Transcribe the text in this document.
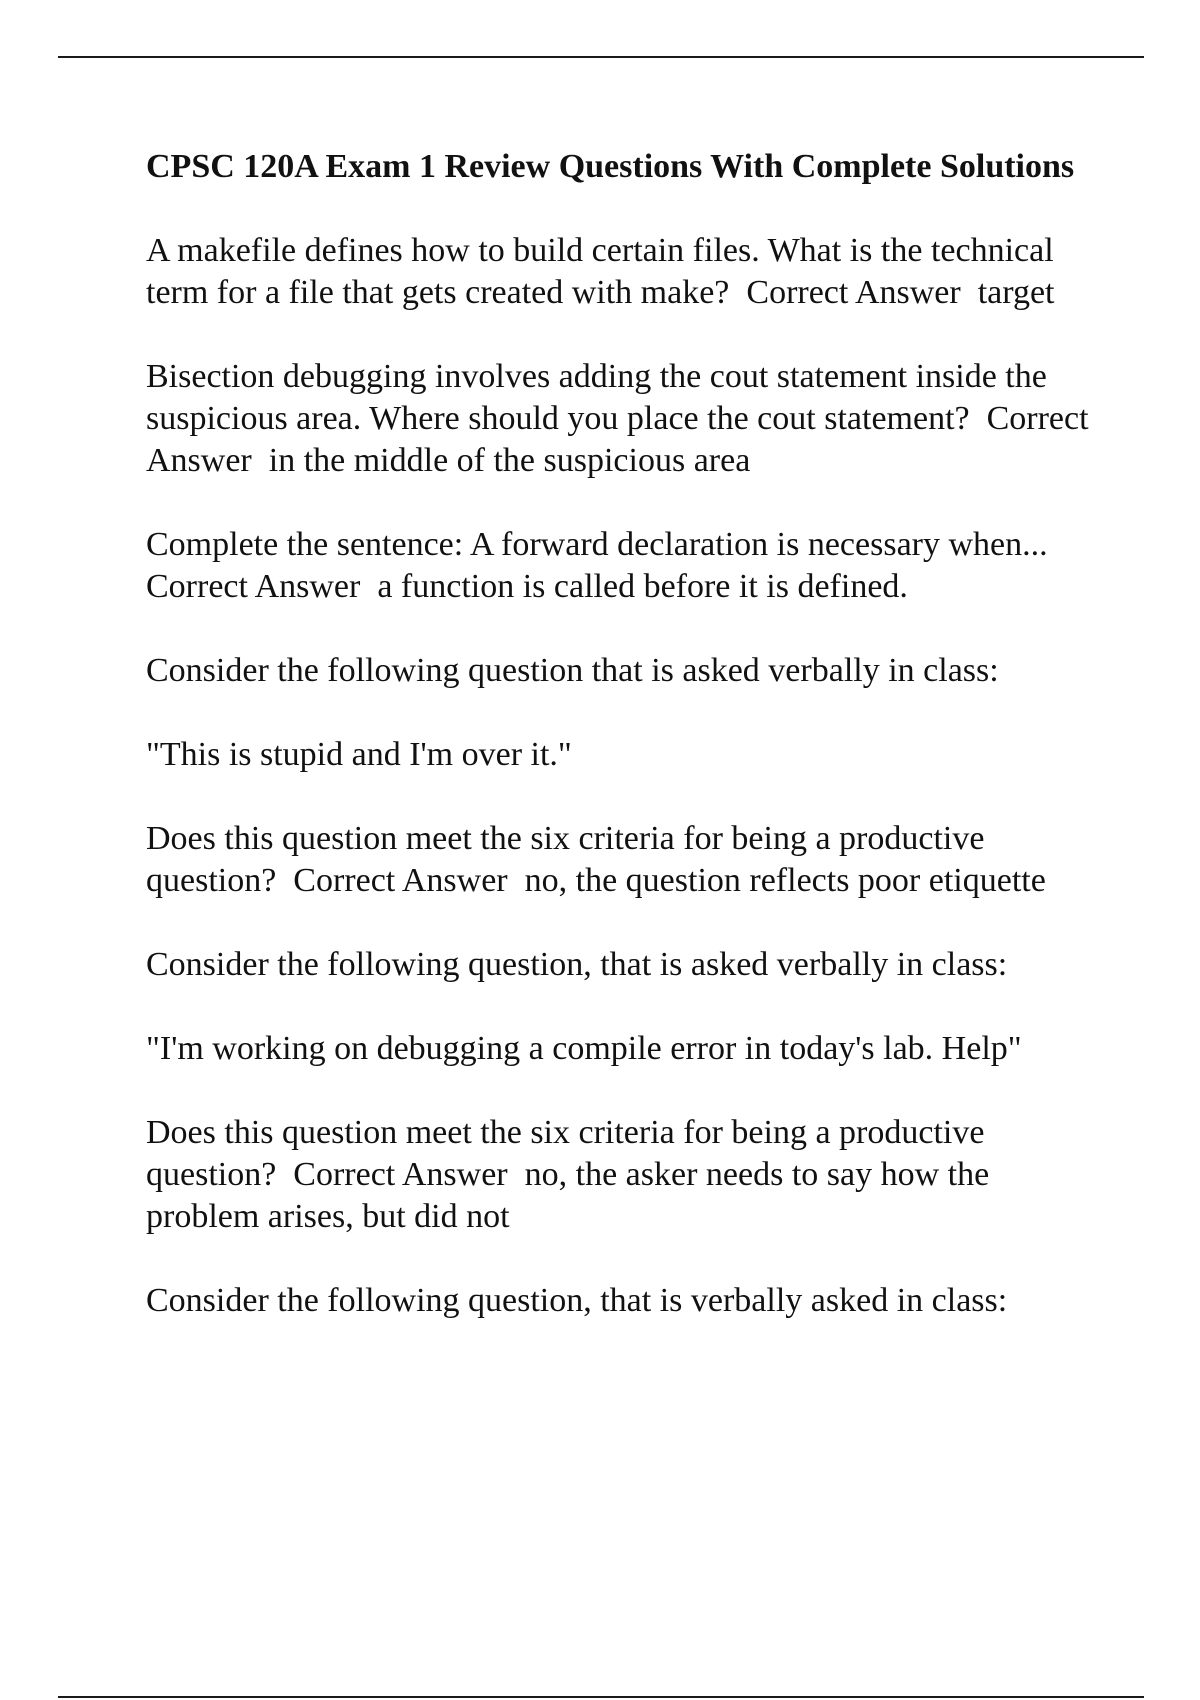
CPSC 120A Exam 1 Review Questions With Complete Solutions
A makefile defines how to build certain files. What is the technical term for a file that gets created with make?  Correct Answer  target
Bisection debugging involves adding the cout statement inside the suspicious area. Where should you place the cout statement?  Correct Answer  in the middle of the suspicious area
Complete the sentence: A forward declaration is necessary when...  Correct Answer  a function is called before it is defined.
Consider the following question that is asked verbally in class:
"This is stupid and I'm over it."
Does this question meet the six criteria for being a productive question?  Correct Answer  no, the question reflects poor etiquette
Consider the following question, that is asked verbally in class:
"I'm working on debugging a compile error in today's lab. Help"
Does this question meet the six criteria for being a productive question?  Correct Answer  no, the asker needs to say how the problem arises, but did not
Consider the following question, that is verbally asked in class:
